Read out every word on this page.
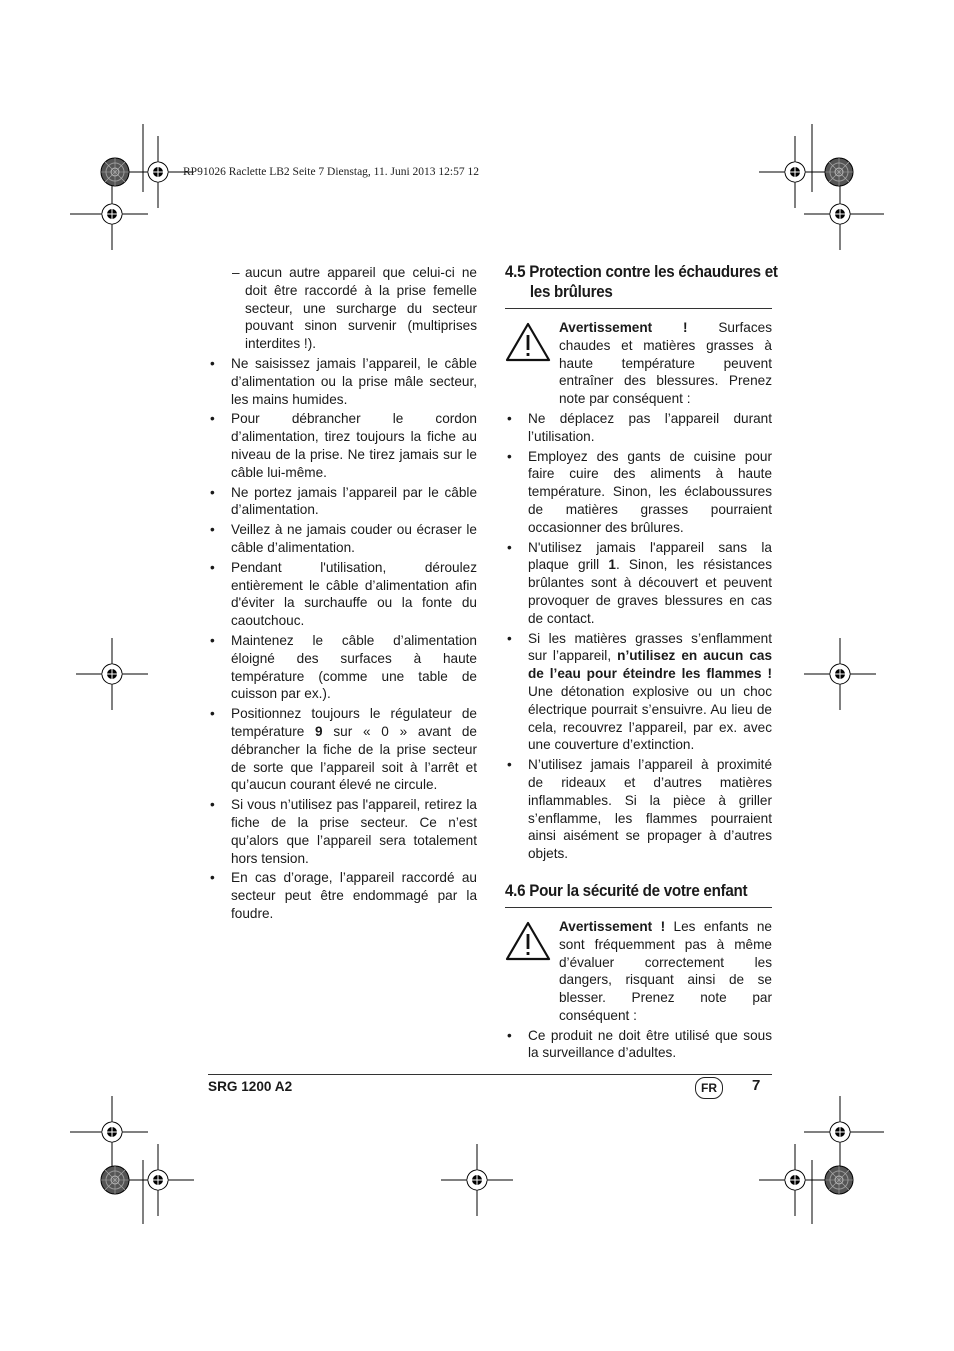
RP91026 Raclette LB2 Seite 7 Dienstag, 11. Juni 2013 12:57 12

– aucun autre appareil que celui-ci ne doit être raccordé à la prise femelle secteur, une surcharge du secteur pouvant sinon survenir (multiprises interdites !).

• Ne saisissez jamais l’appareil, le câble d’alimentation ou la prise mâle secteur, les mains humides.

• Pour débrancher le cordon d’alimentation, tirez toujours la fiche au niveau de la prise. Ne tirez jamais sur le câble lui-même.

• Ne portez jamais l’appareil par le câble d’alimentation.

• Veillez à ne jamais couder ou écraser le câble d’alimentation.

• Pendant l'utilisation, déroulez entièrement le câble d’alimentation afin d'éviter la surchauffe ou la fonte du caoutchouc.

• Maintenez le câble d’alimentation éloigné des surfaces à haute température (comme une table de cuisson par ex.).

• Positionnez toujours le régulateur de température 9 sur « 0 » avant de débrancher la fiche de la prise secteur de sorte que l’appareil soit à l’arrêt et qu’aucun courant élevé ne circule.

• Si vous n’utilisez pas l'appareil, retirez la fiche de la prise secteur. Ce n’est qu’alors que l’appareil sera totalement hors tension.

• En cas d’orage, l’appareil raccordé au secteur peut être endommagé par la foudre.

4.5 Protection contre les échaudures et les brûlures

Avertissement ! Surfaces chaudes et matières grasses à haute température peuvent entraîner des blessures. Prenez note par conséquent :

• Ne déplacez pas l’appareil durant l’utilisation.

• Employez des gants de cuisine pour faire cuire des aliments à haute température. Sinon, les éclaboussures de matières grasses pourraient occasionner des brûlures.

• N'utilisez jamais l'appareil sans la plaque grill 1. Sinon, les résistances brûlantes sont à découvert et peuvent provoquer de graves blessures en cas de contact.

• Si les matières grasses s’enflamment sur l’appareil, n’utilisez en aucun cas de l’eau pour éteindre les flammes ! Une détonation explosive ou un choc électrique pourrait s’ensuivre. Au lieu de cela, recouvrez l’appareil, par ex. avec une couverture d’extinction.

• N’utilisez jamais l’appareil à proximité de rideaux et d’autres matières inflammables. Si la pièce à griller s’enflamme, les flammes pourraient ainsi aisément se propager à d’autres objets.

4.6 Pour la sécurité de votre enfant

Avertissement ! Les enfants ne sont fréquemment pas à même d’évaluer correctement les dangers, risquant ainsi de se blesser. Prenez note par conséquent :

• Ce produit ne doit être utilisé que sous la surveillance d’adultes.

SRG 1200 A2	FR	7
